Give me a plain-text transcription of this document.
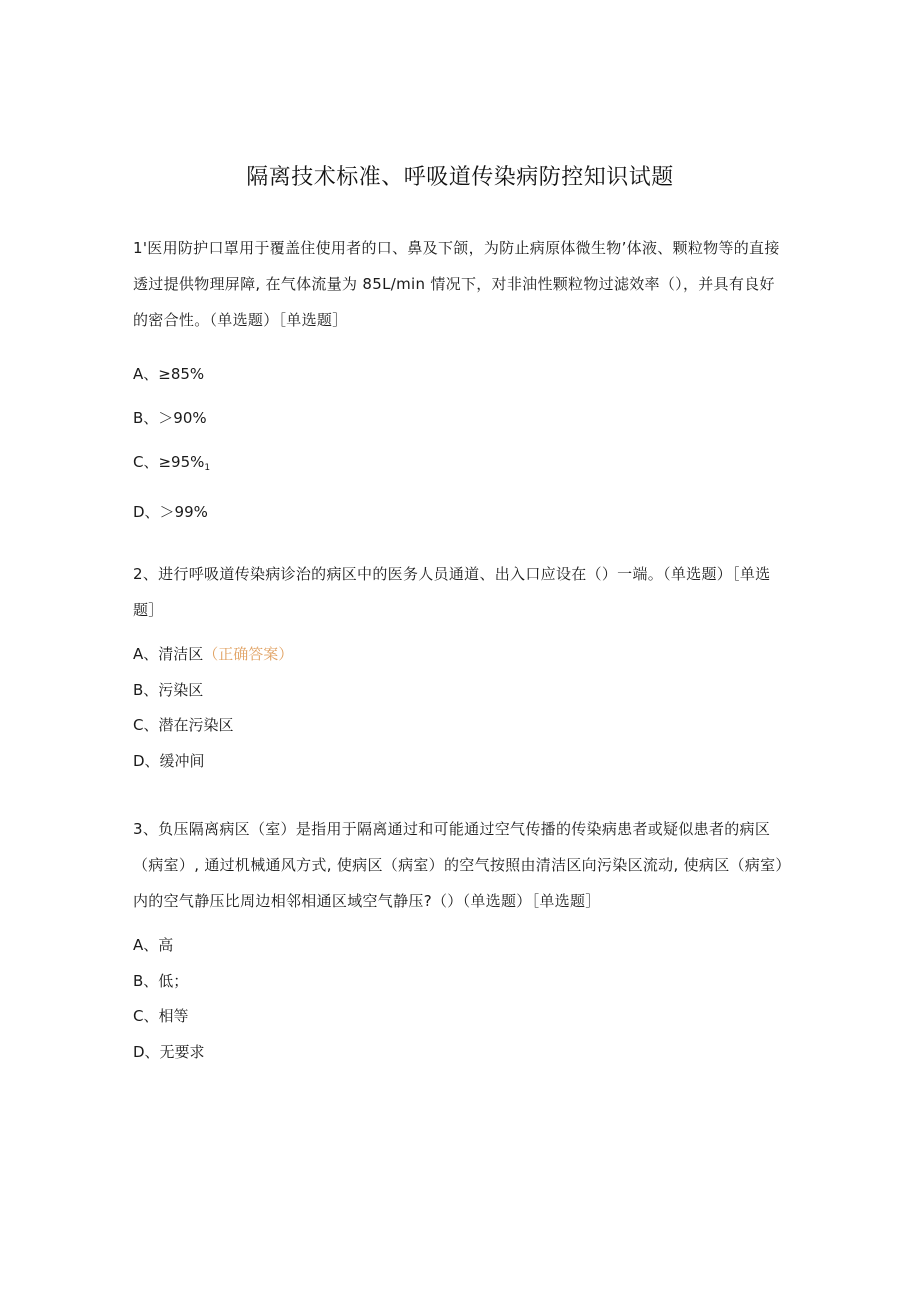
隔离技术标准、呼吸道传染病防控知识试题

1'医用防护口罩用于覆盖住使用者的口、鼻及下颌，为防止病原体微生物’体液、颗粒物等的直接透过提供物理屏障, 在气体流量为 85L/min 情况下，对非油性颗粒物过滤效率（），并具有良好的密合性。（单选题）［单选题］

A、≥85%

B、＞90%

C、$\ge 95\%_1$

D、＞99%

2、进行呼吸道传染病诊治的病区中的医务人员通道、出入口应设在（）一端。（单选题）［单选题］

A、清洁区（正确答案）

B、污染区

C、潜在污染区

D、缓冲间

3、负压隔离病区（室）是指用于隔离通过和可能通过空气传播的传染病患者或疑似患者的病区（病室）, 通过机械通风方式, 使病区（病室）的空气按照由清洁区向污染区流动, 使病区（病室）内的空气静压比周边相邻相通区域空气静压?（）（单选题）［单选题］

A、高

B、低；

C、相等

D、无要求
